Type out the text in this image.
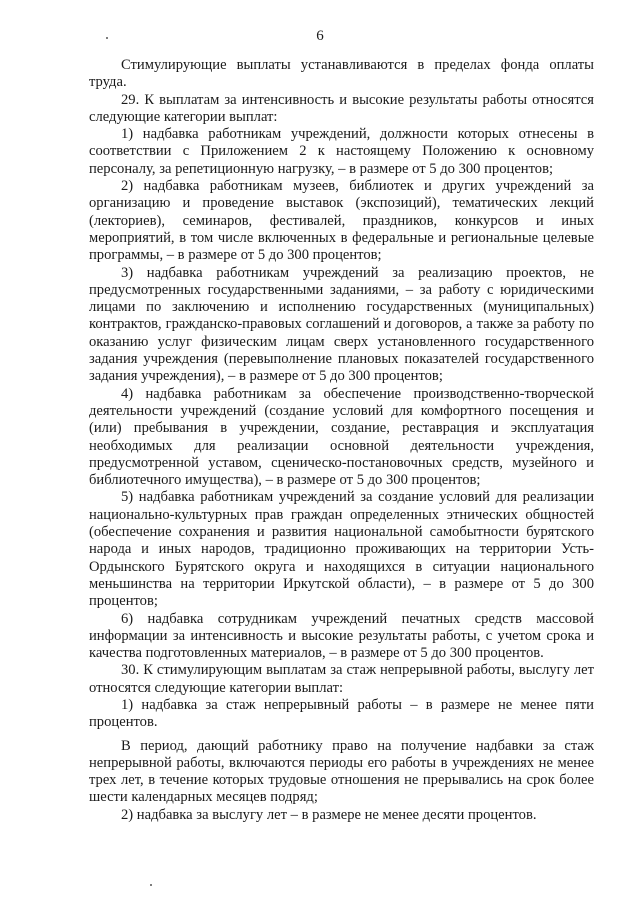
6

Стимулирующие выплаты устанавливаются в пределах фонда оплаты труда.

29. К выплатам за интенсивность и высокие результаты работы относятся следующие категории выплат:

1) надбавка работникам учреждений, должности которых отнесены в соответствии с Приложением 2 к настоящему Положению к основному персоналу, за репетиционную нагрузку, – в размере от 5 до 300 процентов;

2) надбавка работникам музеев, библиотек и других учреждений за организацию и проведение выставок (экспозиций), тематических лекций (лекториев), семинаров, фестивалей, праздников, конкурсов и иных мероприятий, в том числе включенных в федеральные и региональные целевые программы, – в размере от 5 до 300 процентов;

3) надбавка работникам учреждений за реализацию проектов, не предусмотренных государственными заданиями, – за работу с юридическими лицами по заключению и исполнению государственных (муниципальных) контрактов, гражданско-правовых соглашений и договоров, а также за работу по оказанию услуг физическим лицам сверх установленного государственного задания учреждения (перевыполнение плановых показателей государственного задания учреждения), – в размере от 5 до 300 процентов;

4) надбавка работникам за обеспечение производственно-творческой деятельности учреждений (создание условий для комфортного посещения и (или) пребывания в учреждении, создание, реставрация и эксплуатация необходимых для реализации основной деятельности учреждения, предусмотренной уставом, сценическо-постановочных средств, музейного и библиотечного имущества), – в размере от 5 до 300 процентов;

5) надбавка работникам учреждений за создание условий для реализации национально-культурных прав граждан определенных этнических общностей (обеспечение сохранения и развития национальной самобытности бурятского народа и иных народов, традиционно проживающих на территории Усть-Ордынского Бурятского округа и находящихся в ситуации национального меньшинства на территории Иркутской области), – в размере от 5 до 300 процентов;

6) надбавка сотрудникам учреждений печатных средств массовой информации за интенсивность и высокие результаты работы, с учетом срока и качества подготовленных материалов, – в размере от 5 до 300 процентов.

30. К стимулирующим выплатам за стаж непрерывной работы, выслугу лет относятся следующие категории выплат:

1) надбавка за стаж непрерывный работы – в размере не менее пяти процентов.

В период, дающий работнику право на получение надбавки за стаж непрерывной работы, включаются периоды его работы в учреждениях не менее трех лет, в течение которых трудовые отношения не прерывались на срок более шести календарных месяцев подряд;

2) надбавка за выслугу лет – в размере не менее десяти процентов.
